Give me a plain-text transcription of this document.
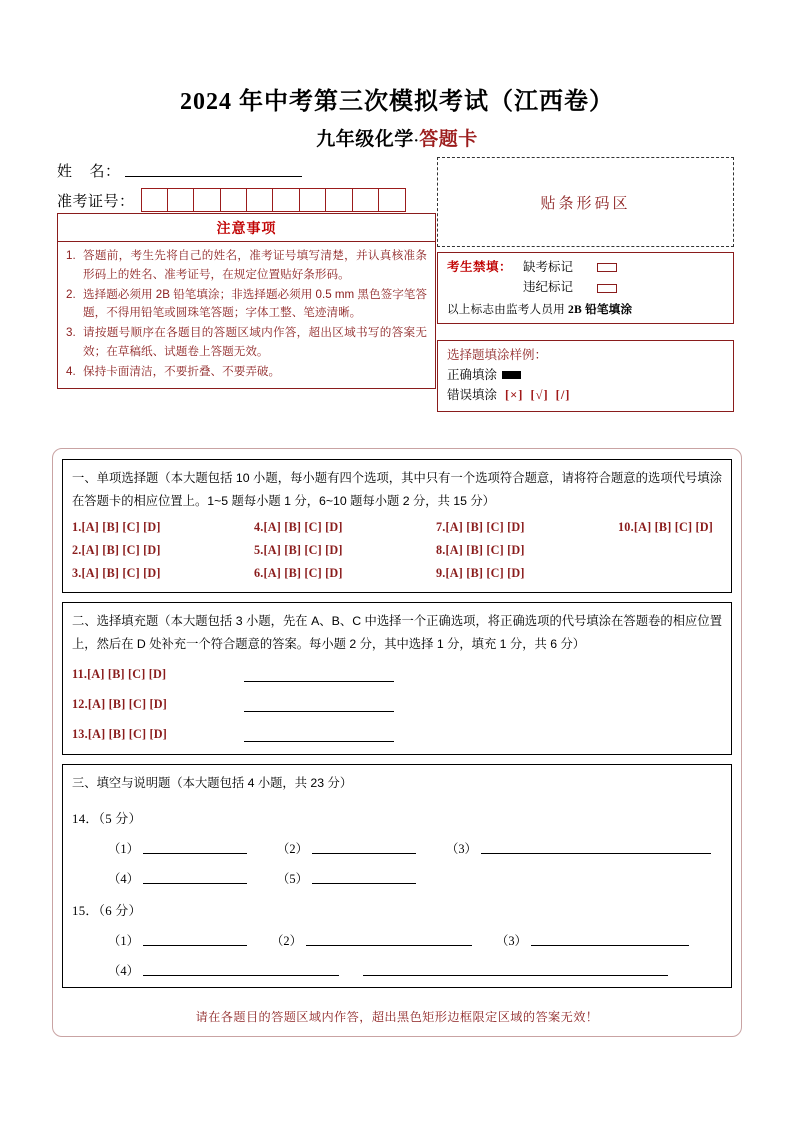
2024 年中考第三次模拟考试（江西卷）
九年级化学·答题卡
姓    名：
准考证号：
注意事项
1. 答题前，考生先将自己的姓名，准考证号填写清楚，并认真核准条形码上的姓名、准考证号，在规定位置贴好条形码。
2. 选择题必须用 2B 铅笔填涂；非选择题必须用 0.5 mm 黑色签字笔答题，不得用铅笔或圆珠笔答题；字体工整、笔迹清晰。
3. 请按题号顺序在各题目的答题区域内作答，超出区域书写的答案无效；在草稿纸、试题卷上答题无效。
4. 保持卡面清洁，不要折叠、不要弄破。
贴条形码区
考生禁填： 缺考标记

违纪标记
以上标志由监考人员用 2B 铅笔填涂
选择题填涂样例：
正确填涂
错误填涂 [×] [√] [/]
一、单项选择题（本大题包括 10 小题，每小题有四个选项，其中只有一个选项符合题意，请将符合题意的选项代号填涂在答题卡的相应位置上。1~5 题每小题 1 分，6~10 题每小题 2 分，共 15 分）
1.[A] [B] [C] [D]	4.[A] [B] [C] [D]	7.[A] [B] [C] [D]	10.[A] [B] [C] [D]
2.[A] [B] [C] [D]	5.[A] [B] [C] [D]	8.[A] [B] [C] [D]
3.[A] [B] [C] [D]	6.[A] [B] [C] [D]	9.[A] [B] [C] [D]
二、选择填充题（本大题包括 3 小题，先在 A、B、C 中选择一个正确选项，将正确选项的代号填涂在答题卷的相应位置上，然后在 D 处补充一个符合题意的答案。每小题 2 分，其中选择 1 分，填充 1 分，共 6 分）
11.[A] [B] [C] [D]
12.[A] [B] [C] [D]
13.[A] [B] [C] [D]
三、填空与说明题（本大题包括 4 小题，共 23 分）
14．（5 分）
（1）	（2）	（3）
（4）	（5）
15．（6 分）
（1）	（2）	（3）
（4）
请在各题目的答题区域内作答，超出黑色矩形边框限定区域的答案无效！
